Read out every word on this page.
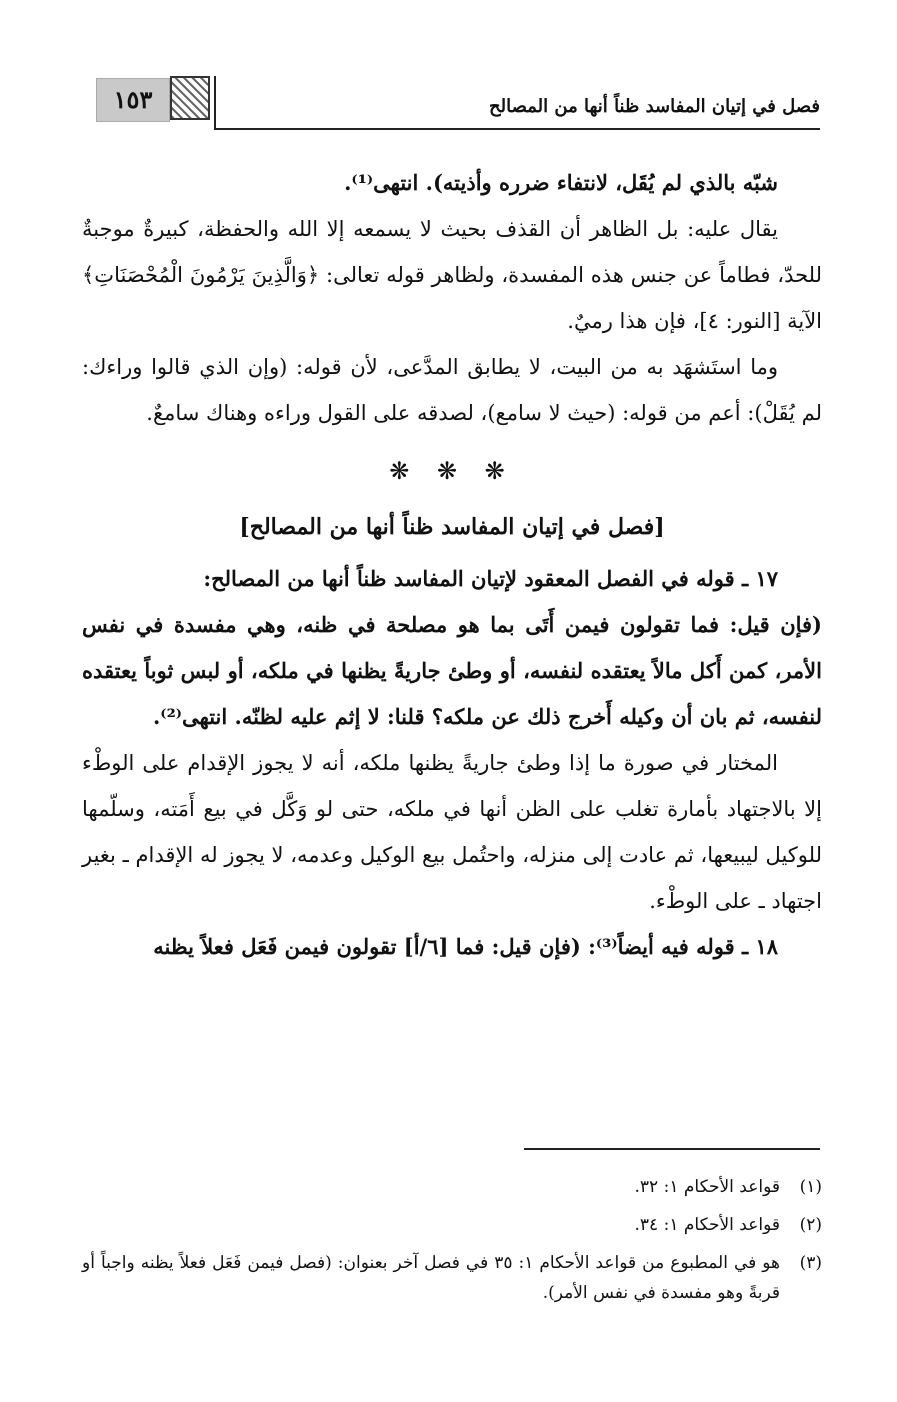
١٥٣	فصل في إتيان المفاسد ظناً أنها من المصالح

شبّه بالذي لم يُقَل، لانتفاء ضرره وأذيته). انتهى⁽¹⁾.

يقال عليه: بل الظاهر أن القذف بحيث لا يسمعه إلا الله والحفظة، كبيرةٌ موجبةٌ للحدّ، فطاماً عن جنس هذه المفسدة، ولظاهر قوله تعالى: ﴿وَالَّذِينَ يَرْمُونَ الْمُحْصَنَاتِ﴾ الآية [النور: ٤]، فإن هذا رميٌ.

وما استَشهَد به من البيت، لا يطابق المدَّعى، لأن قوله: (وإن الذي قالوا وراءك: لم يُقَلْ): أعم من قوله: (حيث لا سامع)، لصدقه على القول وراءه وهناك سامعٌ.

❋ ❋ ❋
[فصل في إتيان المفاسد ظناً أنها من المصالح]

١٧ ـ قوله في الفصل المعقود لإتيان المفاسد ظناً أنها من المصالح:

(فإن قيل: فما تقولون فيمن أَتَى بما هو مصلحة في ظنه، وهي مفسدة في نفس الأمر، كمن أَكل مالاً يعتقده لنفسه، أو وطئ جاريةً يظنها في ملكه، أو لبس ثوباً يعتقده لنفسه، ثم بان أن وكيله أَخرج ذلك عن ملكه؟ قلنا: لا إثم عليه لظنّه. انتهى⁽²⁾.

المختار في صورة ما إذا وطئ جاريةً يظنها ملكه، أنه لا يجوز الإقدام على الوطْء إلا بالاجتهاد بأمارة تغلب على الظن أنها في ملكه، حتى لو وَكَّل في بيع أَمَته، وسلّمها للوكيل ليبيعها، ثم عادت إلى منزله، واحتُمل بيع الوكيل وعدمه، لا يجوز له الإقدام ـ بغير اجتهاد ـ على الوطْء.

١٨ ـ قوله فيه أيضاً⁽³⁾: (فإن قيل: فما [٦/أ] تقولون فيمن فَعَل فعلاً يظنه

(١)
قواعد الأحكام ١: ٣٢.
(٢)
قواعد الأحكام ١: ٣٤.
(٣)
هو في المطبوع من قواعد الأحكام ١: ٣٥ في فصل آخر بعنوان: (فصل فيمن فَعَل فعلاً يظنه واجباً أو قربةً وهو مفسدة في نفس الأمر).
